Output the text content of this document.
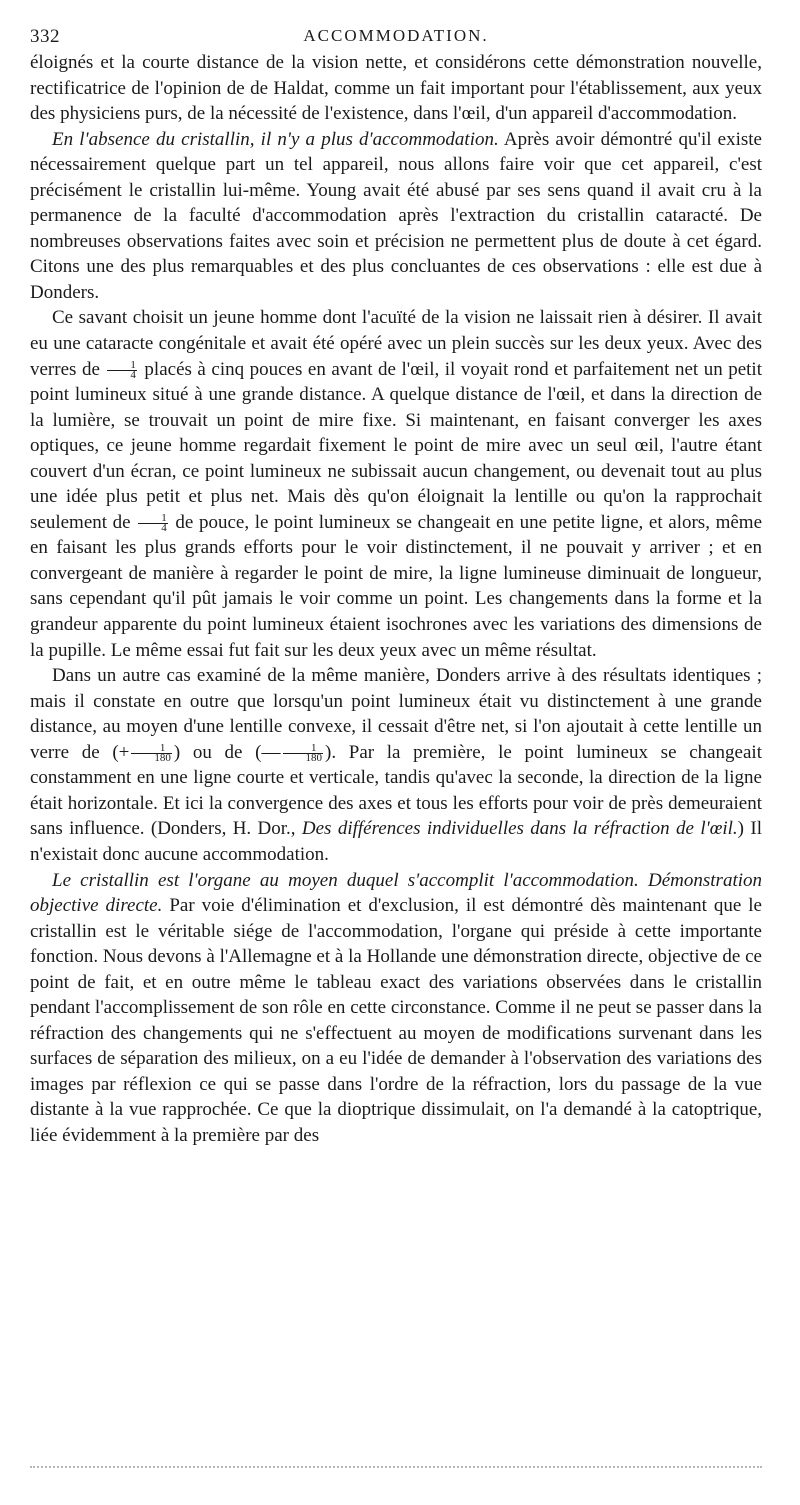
332	ACCOMMODATION.

éloignés et la courte distance de la vision nette, et considérons cette démonstration nouvelle, rectificatrice de l'opinion de de Haldat, comme un fait important pour l'établissement, aux yeux des physiciens purs, de la nécessité de l'existence, dans l'œil, d'un appareil d'accommodation.

En l'absence du cristallin, il n'y a plus d'accommodation. Après avoir démontré qu'il existe nécessairement quelque part un tel appareil, nous allons faire voir que cet appareil, c'est précisément le cristallin lui-même. Young avait été abusé par ses sens quand il avait cru à la permanence de la faculté d'accommodation après l'extraction du cristallin cataracté. De nombreuses observations faites avec soin et précision ne permettent plus de doute à cet égard. Citons une des plus remarquables et des plus concluantes de ces observations : elle est due à Donders.

Ce savant choisit un jeune homme dont l'acuïté de la vision ne laissait rien à désirer. Il avait eu une cataracte congénitale et avait été opéré avec un plein succès sur les deux yeux. Avec des verres de $\frac{1}{4}$ placés à cinq pouces en avant de l'œil, il voyait rond et parfaitement net un petit point lumineux situé à une grande distance. A quelque distance de l'œil, et dans la direction de la lumière, se trouvait un point de mire fixe. Si maintenant, en faisant converger les axes optiques, ce jeune homme regardait fixement le point de mire avec un seul œil, l'autre étant couvert d'un écran, ce point lumineux ne subissait aucun changement, ou devenait tout au plus une idée plus petit et plus net. Mais dès qu'on éloignait la lentille ou qu'on la rapprochait seulement de $\frac{1}{4}$ de pouce, le point lumineux se changeait en une petite ligne, et alors, même en faisant les plus grands efforts pour le voir distinctement, il ne pouvait y arriver ; et en convergeant de manière à regarder le point de mire, la ligne lumineuse diminuait de longueur, sans cependant qu'il pût jamais le voir comme un point. Les changements dans la forme et la grandeur apparente du point lumineux étaient isochrones avec les variations des dimensions de la pupille. Le même essai fut fait sur les deux yeux avec un même résultat.

Dans un autre cas examiné de la même manière, Donders arrive à des résultats identiques ; mais il constate en outre que lorsqu'un point lumineux était vu distinctement à une grande distance, au moyen d'une lentille convexe, il cessait d'être net, si l'on ajoutait à cette lentille un verre de (+ $\frac{1}{180}$ ) ou de (— $\frac{1}{180}$ ). Par la première, le point lumineux se changeait constamment en une ligne courte et verticale, tandis qu'avec la seconde, la direction de la ligne était horizontale. Et ici la convergence des axes et tous les efforts pour voir de près demeuraient sans influence. (Donders, H. Dor., Des différences individuelles dans la réfraction de l'œil.) Il n'existait donc aucune accommodation.

Le cristallin est l'organe au moyen duquel s'accomplit l'accommodation. Démonstration objective directe. Par voie d'élimination et d'exclusion, il est démontré dès maintenant que le cristallin est le véritable siége de l'accommodation, l'organe qui préside à cette importante fonction. Nous devons à l'Allemagne et à la Hollande une démonstration directe, objective de ce point de fait, et en outre même le tableau exact des variations observées dans le cristallin pendant l'accomplissement de son rôle en cette circonstance. Comme il ne peut se passer dans la réfraction des changements qui ne s'effectuent au moyen de modifications survenant dans les surfaces de séparation des milieux, on a eu l'idée de demander à l'observation des variations des images par réflexion ce qui se passe dans l'ordre de la réfraction, lors du passage de la vue distante à la vue rapprochée. Ce que la dioptrique dissimulait, on l'a demandé à la catoptrique, liée évidemment à la première par des
